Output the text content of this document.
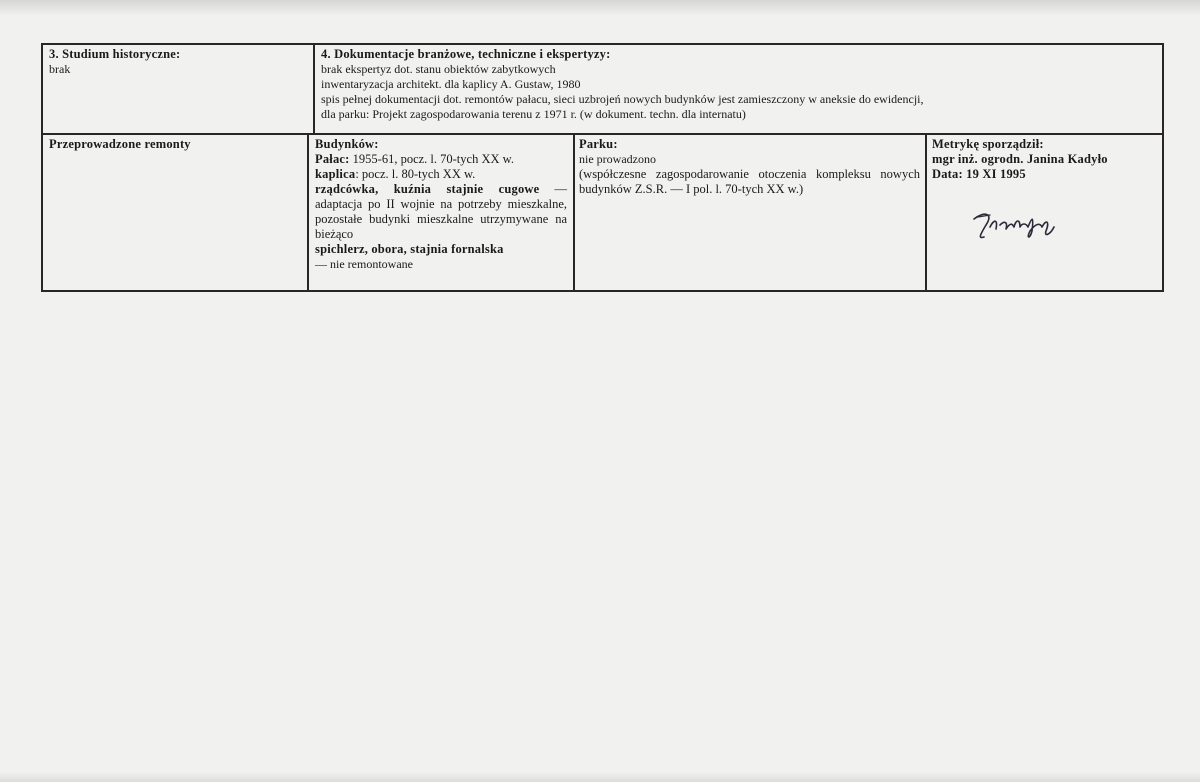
3. Studium historyczne:
brak
4. Dokumentacje branżowe, techniczne i ekspertyzy:
brak ekspertyz dot. stanu obiektów zabytkowych
inwentaryzacja architekt. dla kaplicy A. Gustaw, 1980
spis pełnej dokumentacji dot. remontów pałacu, sieci uzbrojeń nowych budynków jest zamieszczony w aneksie do ewidencji,
dla parku: Projekt zagospodarowania terenu z 1971 r. (w dokument. techn. dla internatu)
Przeprowadzone remonty	Budynków:
Pałac: 1955-61, pocz. l. 70-tych XX w.
kaplica: pocz. l. 80-tych XX w.
rządcówka, kuźnia stajnie cugowe — adaptacja po II wojnie na potrzeby mieszkalne, pozostałe budynki mieszkalne utrzymywane na bieżąco
spichlerz, obora, stajnia fornalska
— nie remontowane
Parku:
nie prowadzono
(współczesne zagospodarowanie otoczenia kompleksu nowych budynków Z.S.R. — I pol. l. 70-tych XX w.)
Metrykę sporządził:
mgr inż. ogrodn. Janina Kadyło
Data: 19 XI 1995
